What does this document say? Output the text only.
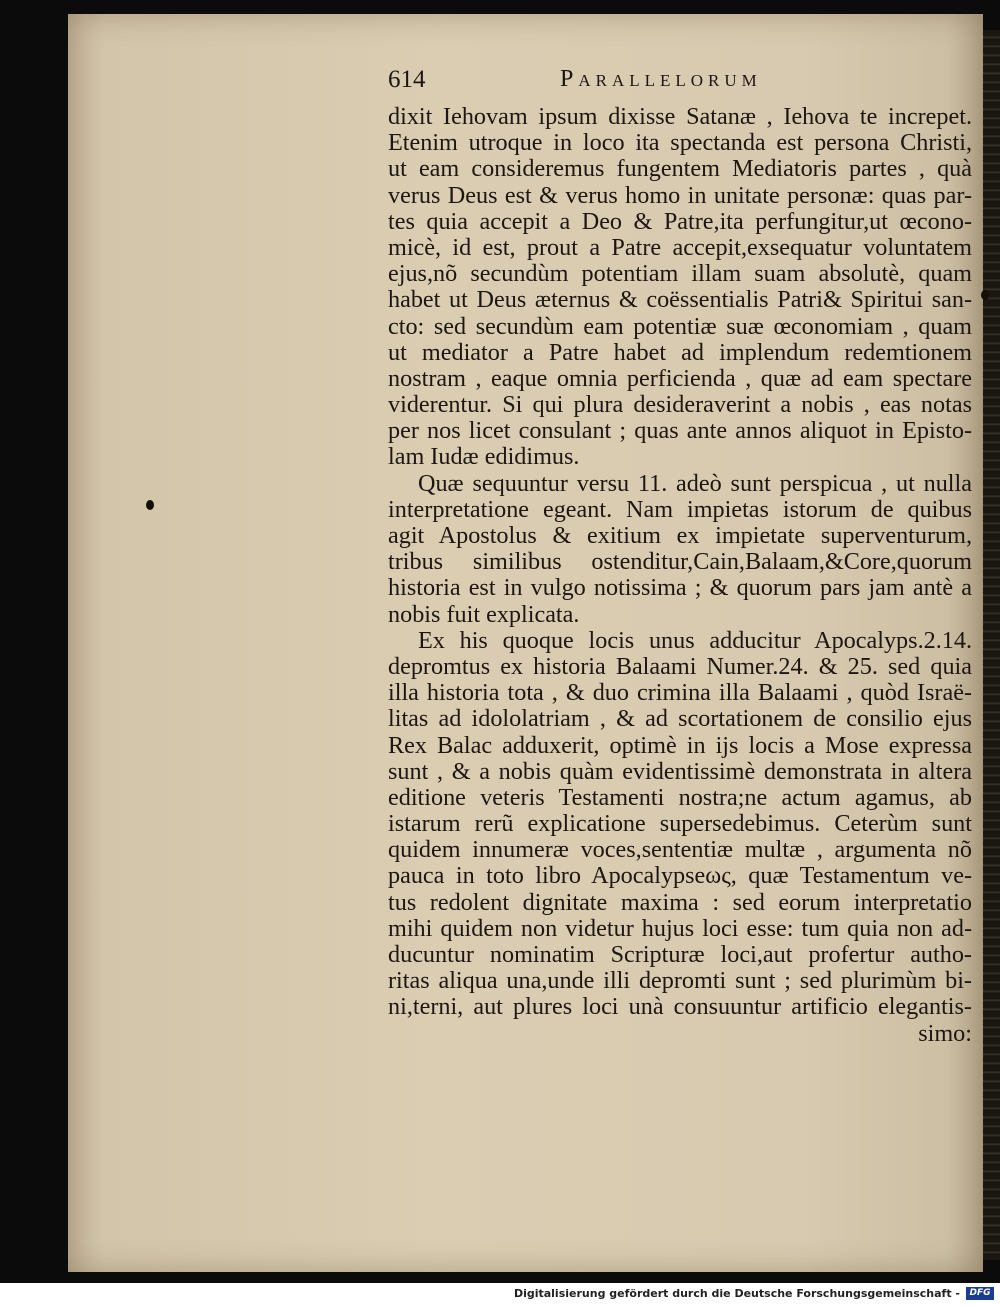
614	Parallelorum
dixit Iehovam ipsum dixisse Satanæ , Iehova te increpet.
Etenim utroque in loco ita spectanda est persona Christi,
ut eam consideremus fungentem Mediatoris partes , quà
verus Deus est & verus homo in unitate personæ: quas par-
tes quia accepit a Deo & Patre,ita perfungitur,ut œcono-
micè, id est, prout a Patre accepit,exsequatur voluntatem
ejus,nõ secundùm potentiam illam suam absolutè, quam
habet ut Deus æternus & coëssentialis Patri& Spiritui san-
cto: sed secundùm eam potentiæ suæ œconomiam , quam
ut mediator a Patre habet ad implendum redemtionem
nostram , eaque omnia perficienda , quæ ad eam spectare
viderentur. Si qui plura desideraverint a nobis , eas notas
per nos licet consulant ; quas ante annos aliquot in Episto-
lam Iudæ edidimus.
Quæ sequuntur versu 11. adeò sunt perspicua , ut nulla
interpretatione egeant. Nam impietas istorum de quibus
agit Apostolus & exitium ex impietate superventurum,
tribus similibus ostenditur,Cain,Balaam,&Core,quorum
historia est in vulgo notissima ; & quorum pars jam antè a
nobis fuit explicata.
Ex his quoque locis unus adducitur Apocalyps.2.14.
depromtus ex historia Balaami Numer.24. & 25. sed quia
illa historia tota , & duo crimina illa Balaami , quòd Israë-
litas ad idololatriam , & ad scortationem de consilio ejus
Rex Balac adduxerit, optimè in ijs locis a Mose expressa
sunt , & a nobis quàm evidentissimè demonstrata in altera
editione veteris Testamenti nostra;ne actum agamus, ab
istarum rerũ explicatione supersedebimus. Ceterùm sunt
quidem innumeræ voces,sententiæ multæ , argumenta nõ
pauca in toto libro Apocalypseως, quæ Testamentum ve-
tus redolent dignitate maxima : sed eorum interpretatio
mihi quidem non videtur hujus loci esse: tum quia non ad-
ducuntur nominatim Scripturæ loci,aut profertur autho-
ritas aliqua una,unde illi depromti sunt ; sed plurimùm bi-
ni,terni, aut plures loci unà consuuntur artificio elegantis-
simo:
Digitalisierung gefördert durch die Deutsche Forschungsgemeinschaft -	DFG
